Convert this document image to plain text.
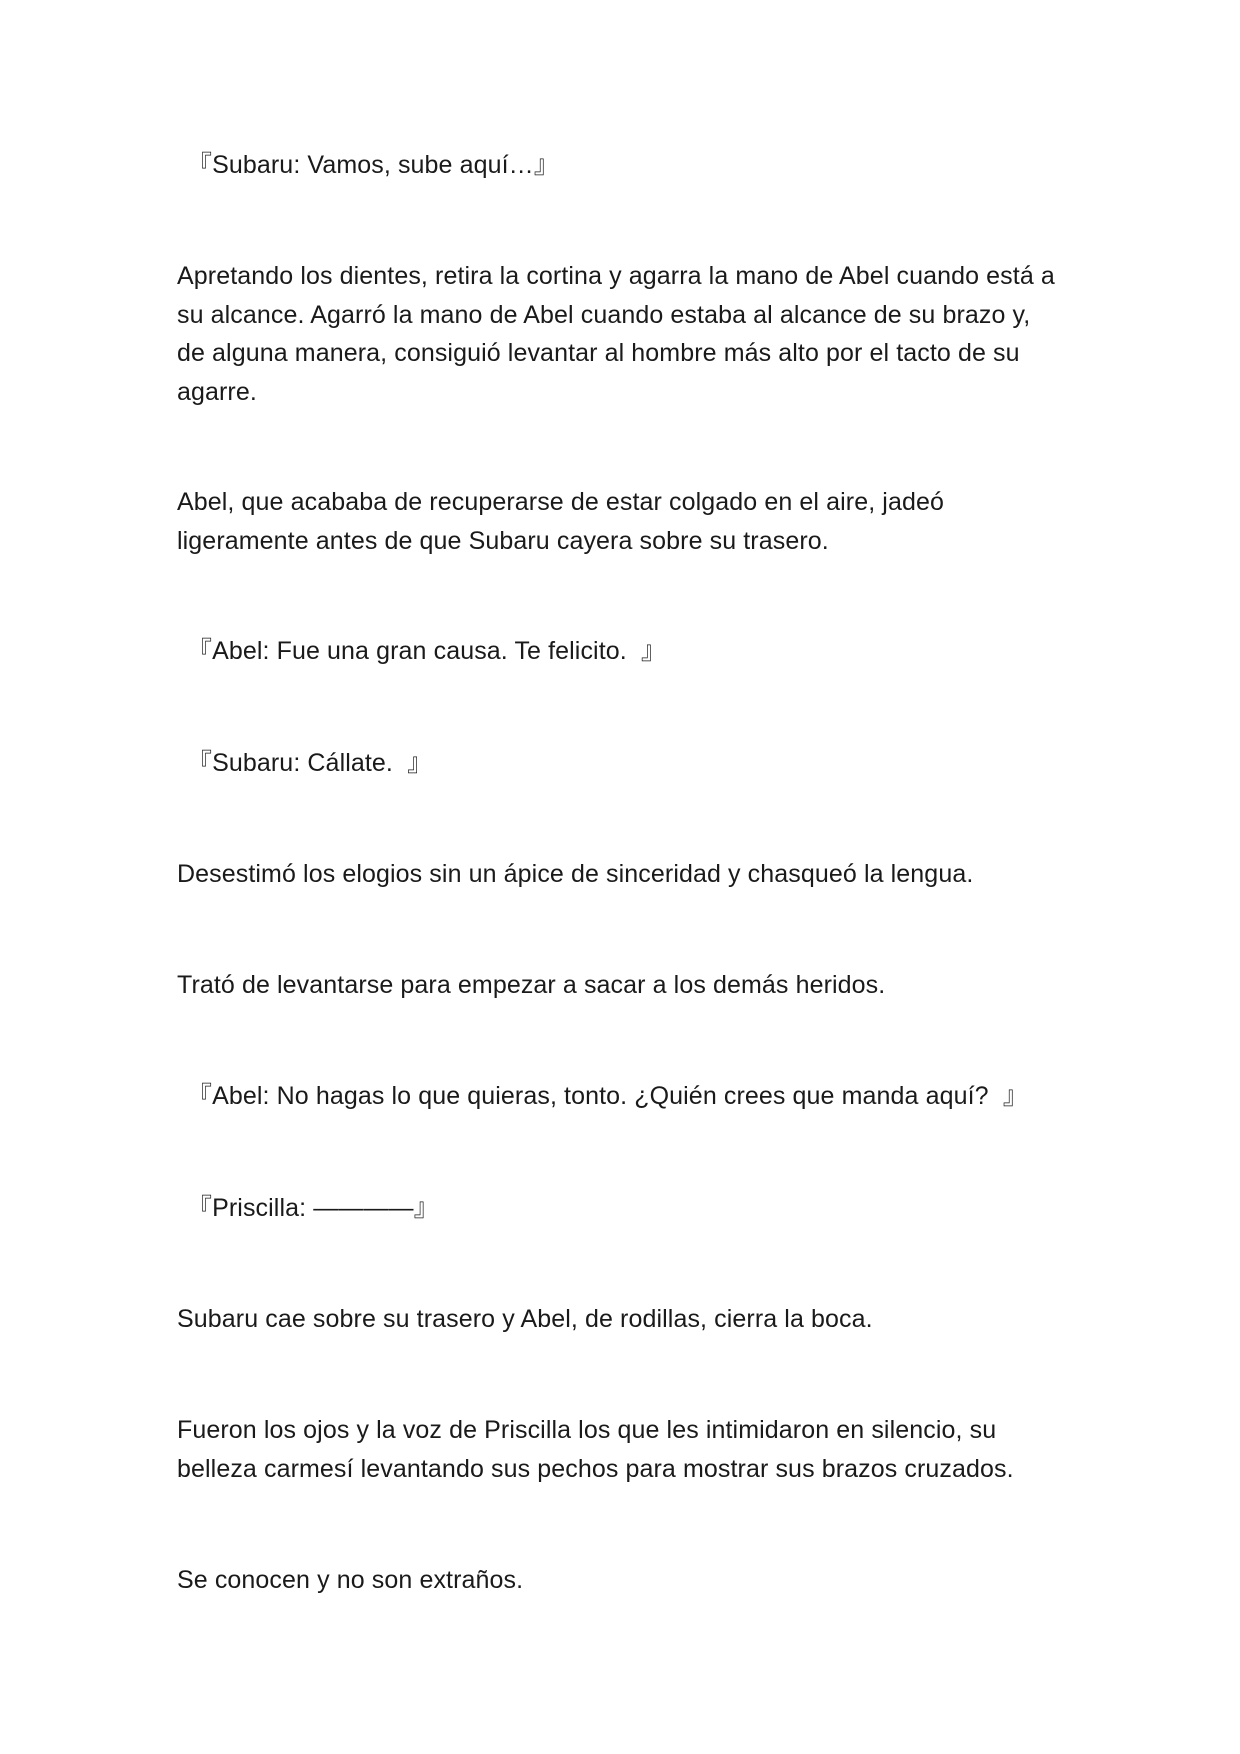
『Subaru: Vamos, sube aquí…』

Apretando los dientes, retira la cortina y agarra la mano de Abel cuando está a su alcance. Agarró la mano de Abel cuando estaba al alcance de su brazo y, de alguna manera, consiguió levantar al hombre más alto por el tacto de su agarre.

Abel, que acababa de recuperarse de estar colgado en el aire, jadeó ligeramente antes de que Subaru cayera sobre su trasero.

『Abel: Fue una gran causa. Te felicito.  』

『Subaru: Cállate.  』

Desestimó los elogios sin un ápice de sinceridad y chasqueó la lengua.

Trató de levantarse para empezar a sacar a los demás heridos.

『Abel: No hagas lo que quieras, tonto. ¿Quién crees que manda aquí?  』

『Priscilla: ————』

Subaru cae sobre su trasero y Abel, de rodillas, cierra la boca.

Fueron los ojos y la voz de Priscilla los que les intimidaron en silencio, su belleza carmesí levantando sus pechos para mostrar sus brazos cruzados.

Se conocen y no son extraños.
